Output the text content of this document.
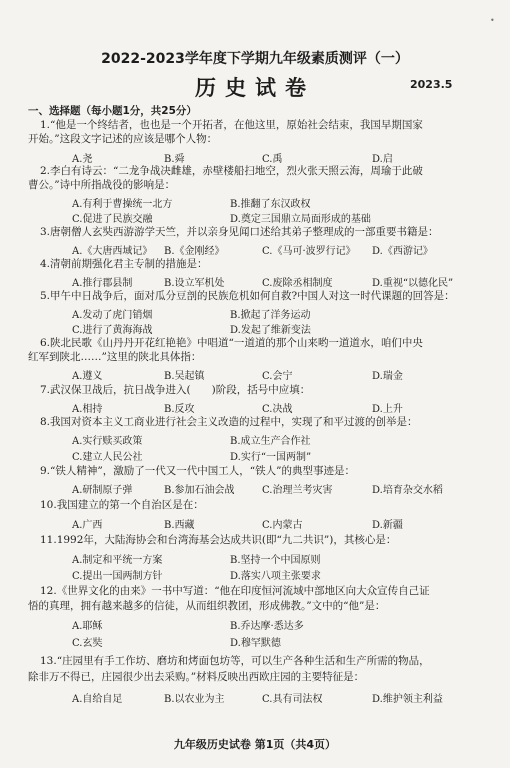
•
2022-2023学年度下学期九年级素质测评（一）
历史试卷	2023.5
一、选择题（每小题1分，共25分）
1.“他是一个终结者，也也是一个开拓者，在他这里，原始社会结束，我国早期国家
开始。”这段文字记述的应该是哪个人物：
A.尧	B.舜	C.禹	D.启
2.李白有诗云：“二龙争战决雌雄，赤壁楼船扫地空，烈火张天照云海，周瑜于此破
曹公。”诗中所指战役的影响是：
A.有利于曹操统一北方	B.推翻了东汉政权
C.促进了民族交融	D.奠定三国鼎立局面形成的基础
3.唐朝僧人玄奘西游游学天竺，并以亲身见闻口述给其弟子整理成的一部重要书籍是：
A.《大唐西域记》 B.《金刚经》	C.《马可·波罗行记》 D.《西游记》
4.清朝前期强化君主专制的措施是：
A.推行郡县制	B.设立军机处	C.废除丞相制度	D.重视“以德化民”
5.甲午中日战争后，面对瓜分豆剖的民族危机如何自救?中国人对这一时代课题的回答是：
A.发动了虎门销烟	B.掀起了洋务运动
C.进行了黄海海战	D.发起了维新变法
6.陕北民歌《山丹丹开花红艳艳》中唱道“一道道的那个山来哟一道道水，咱们中央
红军到陕北……”这里的陕北具体指：
A.遵义	B.吴起镇	C.会宁	D.瑞金
7.武汉保卫战后，抗日战争进入(　　)阶段，括号中应填：
A.相持	B.反攻	C.决战	D.上升
8.我国对资本主义工商业进行社会主义改造的过程中，实现了和平过渡的创举是：
A.实行赎买政策	B.成立生产合作社
C.建立人民公社	D.实行“一国两制”
9.“铁人精神”，激励了一代又一代中国工人，“铁人”的典型事迹是：
A.研制原子弹	B.参加石油会战	C.治理兰考灾害	D.培育杂交水稻
10.我国建立的第一个自治区是在：
A.广西	B.西藏	C.内蒙古	D.新疆
11.1992年，大陆海协会和台湾海基会达成共识(即“九二共识”)，其核心是：
A.制定和平统一方案	B.坚持一个中国原则
C.提出一国两制方针	D.落实八项主张要求
12.《世界文化的由来》一书中写道：“他在印度恒河流域中部地区向大众宣传自己证
悟的真理，拥有越来越多的信徒，从而组织教团，形成佛教。”文中的“他”是：
A.耶稣	B.乔达摩·悉达多
C.玄奘	D.穆罕默德
13.“庄园里有手工作坊、磨坊和烤面包坊等，可以生产各种生活和生产所需的物品，
除非万不得已，庄园很少出去采购。”材料反映出西欧庄园的主要特征是：
A.自给自足	B.以农业为主	C.具有司法权	D.维护领主利益
九年级历史试卷 第1页（共4页）
